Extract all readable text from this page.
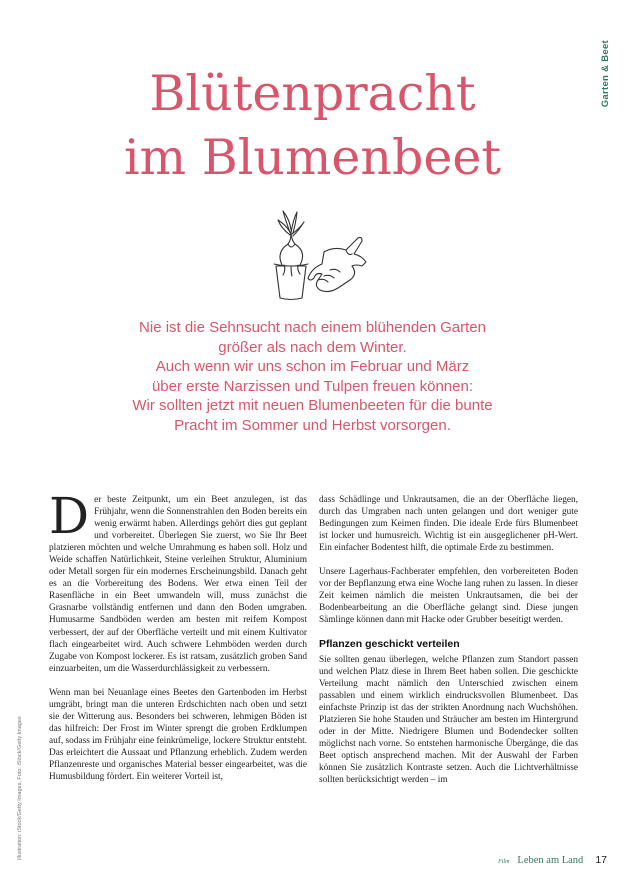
Garten & Beet
Blütenpracht
im Blumenbeet
Nie ist die Sehnsucht nach einem blühenden Garten
größer als nach dem Winter.
Auch wenn wir uns schon im Februar und März
über erste Narzissen und Tulpen freuen können:
Wir sollten jetzt mit neuen Blumenbeeten für die bunte
Pracht im Sommer und Herbst vorsorgen.

D er beste Zeitpunkt, um ein Beet anzulegen, ist das Frühjahr, wenn die Sonnenstrahlen den Boden bereits ein wenig erwärmt haben. Allerdings gehört dies gut geplant und vorbereitet. Überlegen Sie zuerst, wo Sie Ihr Beet platzieren möchten und welche Umrahmung es haben soll. Holz und Weide schaffen Natürlichkeit, Steine verleihen Struktur, Aluminium oder Metall sorgen für ein modernes Erscheinungsbild. Danach geht es an die Vorbereitung des Bodens. Wer etwa einen Teil der Rasenfläche in ein Beet umwandeln will, muss zunächst die Grasnarbe vollständig entfernen und dann den Boden umgraben. Humusarme Sandböden werden am besten mit reifem Kompost verbessert, der auf der Oberfläche verteilt und mit einem Kultivator flach eingearbeitet wird. Auch schwere Lehmböden werden durch Zugabe von Kompost lockerer. Es ist ratsam, zusätzlich groben Sand einzuarbeiten, um die Wasserdurchlässigkeit zu verbessern.

Wenn man bei Neuanlage eines Beetes den Gartenboden im Herbst umgräbt, bringt man die unteren Erdschichten nach oben und setzt sie der Witterung aus. Besonders bei schweren, lehmigen Böden ist das hilfreich: Der Frost im Winter sprengt die groben Erdklumpen auf, sodass im Frühjahr eine feinkrümelige, lockere Struktur entsteht. Das erleichtert die Aussaat und Pflanzung erheblich. Zudem werden Pflanzenreste und organisches Material besser eingearbeitet, was die Humusbildung fördert. Ein weiterer Vorteil ist,

dass Schädlinge und Unkrautsamen, die an der Oberfläche liegen, durch das Umgraben nach unten gelangen und dort weniger gute Bedingungen zum Keimen finden. Die ideale Erde fürs Blumenbeet ist locker und humusreich. Wichtig ist ein ausgeglichener pH-Wert. Ein einfacher Bodentest hilft, die optimale Erde zu bestimmen.

Unsere Lagerhaus-Fachberater empfehlen, den vorbereiteten Boden vor der Bepflanzung etwa eine Woche lang ruhen zu lassen. In dieser Zeit keimen nämlich die meisten Unkrautsamen, die bei der Bodenbearbeitung an die Oberfläche gelangt sind. Diese jungen Sämlinge können dann mit Hacke oder Grubber beseitigt werden.

Pflanzen geschickt verteilen

Sie sollten genau überlegen, welche Pflanzen zum Standort passen und welchen Platz diese in Ihrem Beet haben sollen. Die geschickte Verteilung macht nämlich den Unterschied zwischen einem passablen und einem wirklich eindrucksvollen Blumenbeet. Das einfachste Prinzip ist das der strikten Anordnung nach Wuchshöhen. Platzieren Sie hohe Stauden und Sträucher am besten im Hintergrund oder in der Mitte. Niedrigere Blumen und Bodendecker sollten möglichst nach vorne. So entstehen harmonische Übergänge, die das Beet optisch ansprechend machen. Mit der Auswahl der Farben können Sie zusätzlich Kontraste setzen. Auch die Lichtverhältnisse sollten berücksichtigt werden – im

Illustration: iStock/Getty Images, Foto: iStock/Getty Images
Film Leben am Land 17
